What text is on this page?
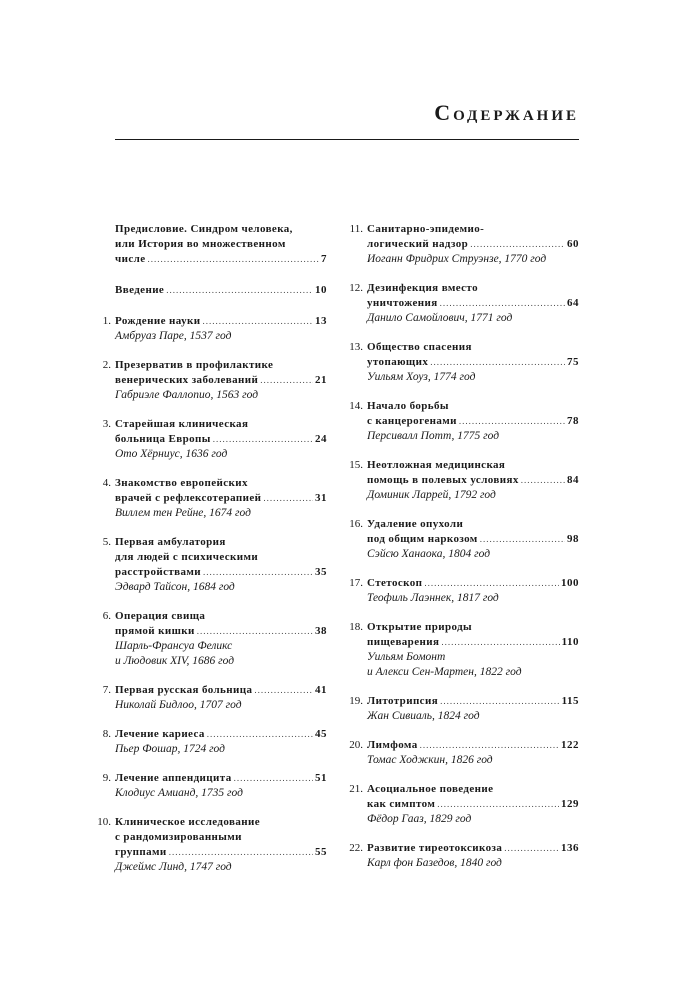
Содержание
Предисловие. Синдром человека,
или История во множественном
числе .....	7
Введение .....	10
1. Рождение науки .....	13
Амбруаз Паре, 1537 год
2. Презерватив в профилактике
венерических заболеваний .....	21
Габриэле Фаллопио, 1563 год
3. Старейшая клиническая
больница Европы .....	24
Ото Хёрниус, 1636 год
4. Знакомство европейских
врачей с рефлексотерапией .....	31
Виллем тен Рейне, 1674 год
5. Первая амбулатория
для людей с психическими
расстройствами .....	35
Эдвард Тайсон, 1684 год
6. Операция свища
прямой кишки .....	38
Шарль-Франсуа Феликс
и Людовик XIV, 1686 год
7. Первая русская больница .....	41
Николай Бидлоо, 1707 год
8. Лечение кариеса .....	45
Пьер Фошар, 1724 год
9. Лечение аппендицита .....	51
Клодиус Амианд, 1735 год
10. Клиническое исследование
с рандомизированными
группами .....	55
Джеймс Линд, 1747 год
11. Санитарно-эпидемио-
логический надзор .....	60
Иоганн Фридрих Струэнзе, 1770 год
12. Дезинфекция вместо
уничтожения .....	64
Данило Самойлович, 1771 год
13. Общество спасения
утопающих .....	75
Уильям Хоуз, 1774 год
14. Начало борьбы
с канцерогенами .....	78
Персивалл Потт, 1775 год
15. Неотложная медицинская
помощь в полевых условиях .....	84
Доминик Ларрей, 1792 год
16. Удаление опухоли
под общим наркозом .....	98
Сэйсю Ханаока, 1804 год
17. Стетоскоп .....	100
Теофиль Лаэннек, 1817 год
18. Открытие природы
пищеварения .....	110
Уильям Бомонт
и Алекси Сен-Мартен, 1822 год
19. Литотрипсия .....	115
Жан Сивиаль, 1824 год
20. Лимфома .....	122
Томас Ходжкин, 1826 год
21. Асоциальное поведение
как симптом .....	129
Фёдор Гааз, 1829 год
22. Развитие тиреотоксикоза .....	136
Карл фон Базедов, 1840 год
